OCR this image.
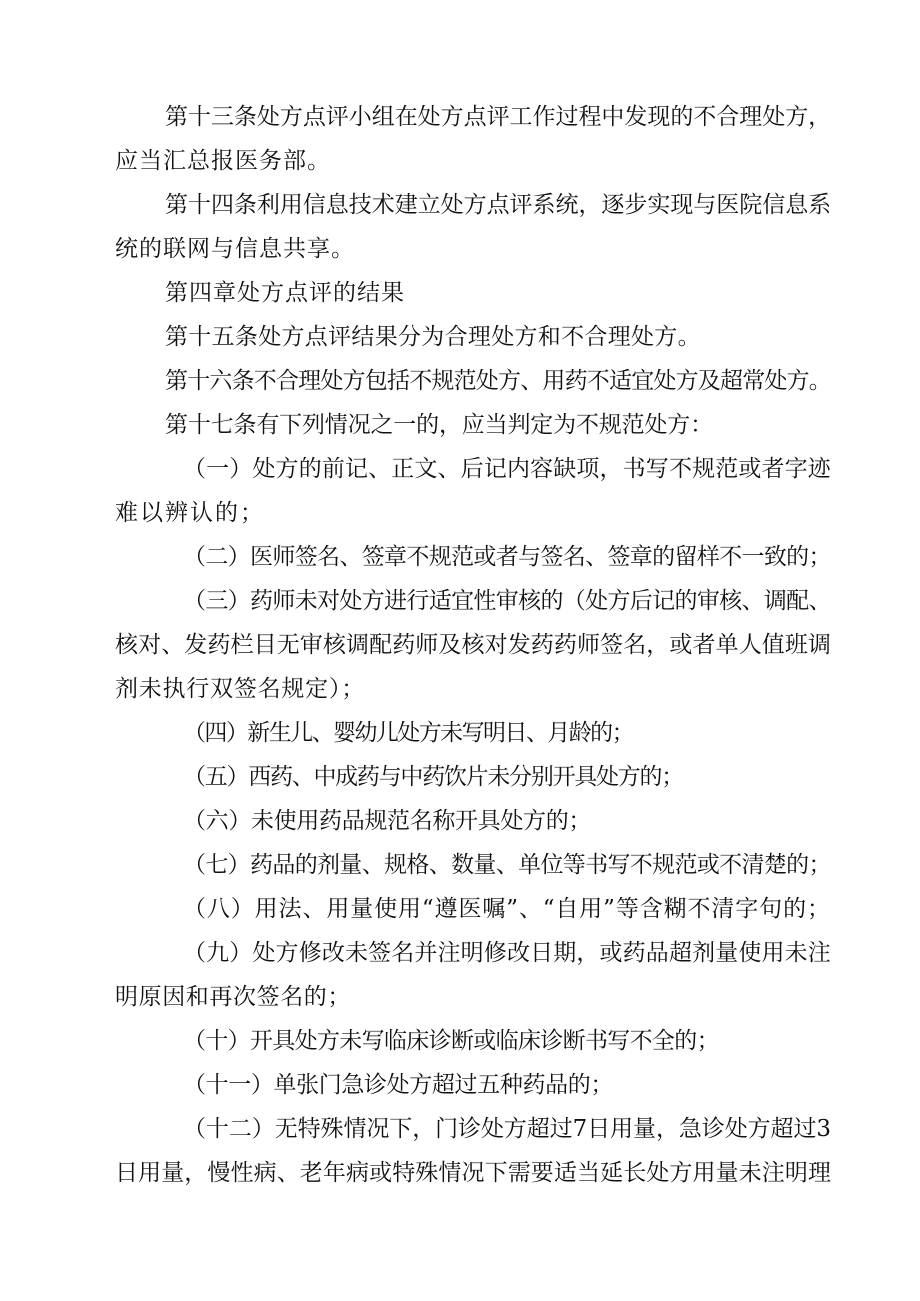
第十三条处方点评小组在处方点评工作过程中发现的不合理处方，
应当汇总报医务部。
第十四条利用信息技术建立处方点评系统，逐步实现与医院信息系
统的联网与信息共享。
第四章处方点评的结果
第十五条处方点评结果分为合理处方和不合理处方。
第十六条不合理处方包括不规范处方、用药不适宜处方及超常处方。
第十七条有下列情况之一的，应当判定为不规范处方：
（一）处方的前记、正文、后记内容缺项，书写不规范或者字迹
难以辨认的；
（二）医师签名、签章不规范或者与签名、签章的留样不一致的；
（三）药师未对处方进行适宜性审核的（处方后记的审核、调配、
核对、发药栏目无审核调配药师及核对发药药师签名，或者单人值班调
剂未执行双签名规定）；
（四）新生儿、婴幼儿处方未写明日、月龄的；
（五）西药、中成药与中药饮片未分别开具处方的；
（六）未使用药品规范名称开具处方的；
（七）药品的剂量、规格、数量、单位等书写不规范或不清楚的；
（八）用法、用量使用“遵医嘱”、“自用”等含糊不清字句的；
（九）处方修改未签名并注明修改日期，或药品超剂量使用未注
明原因和再次签名的；
（十）开具处方未写临床诊断或临床诊断书写不全的；
（十一）单张门急诊处方超过五种药品的；
（十二）无特殊情况下，门诊处方超过7日用量，急诊处方超过3
日用量，慢性病、老年病或特殊情况下需要适当延长处方用量未注明理
